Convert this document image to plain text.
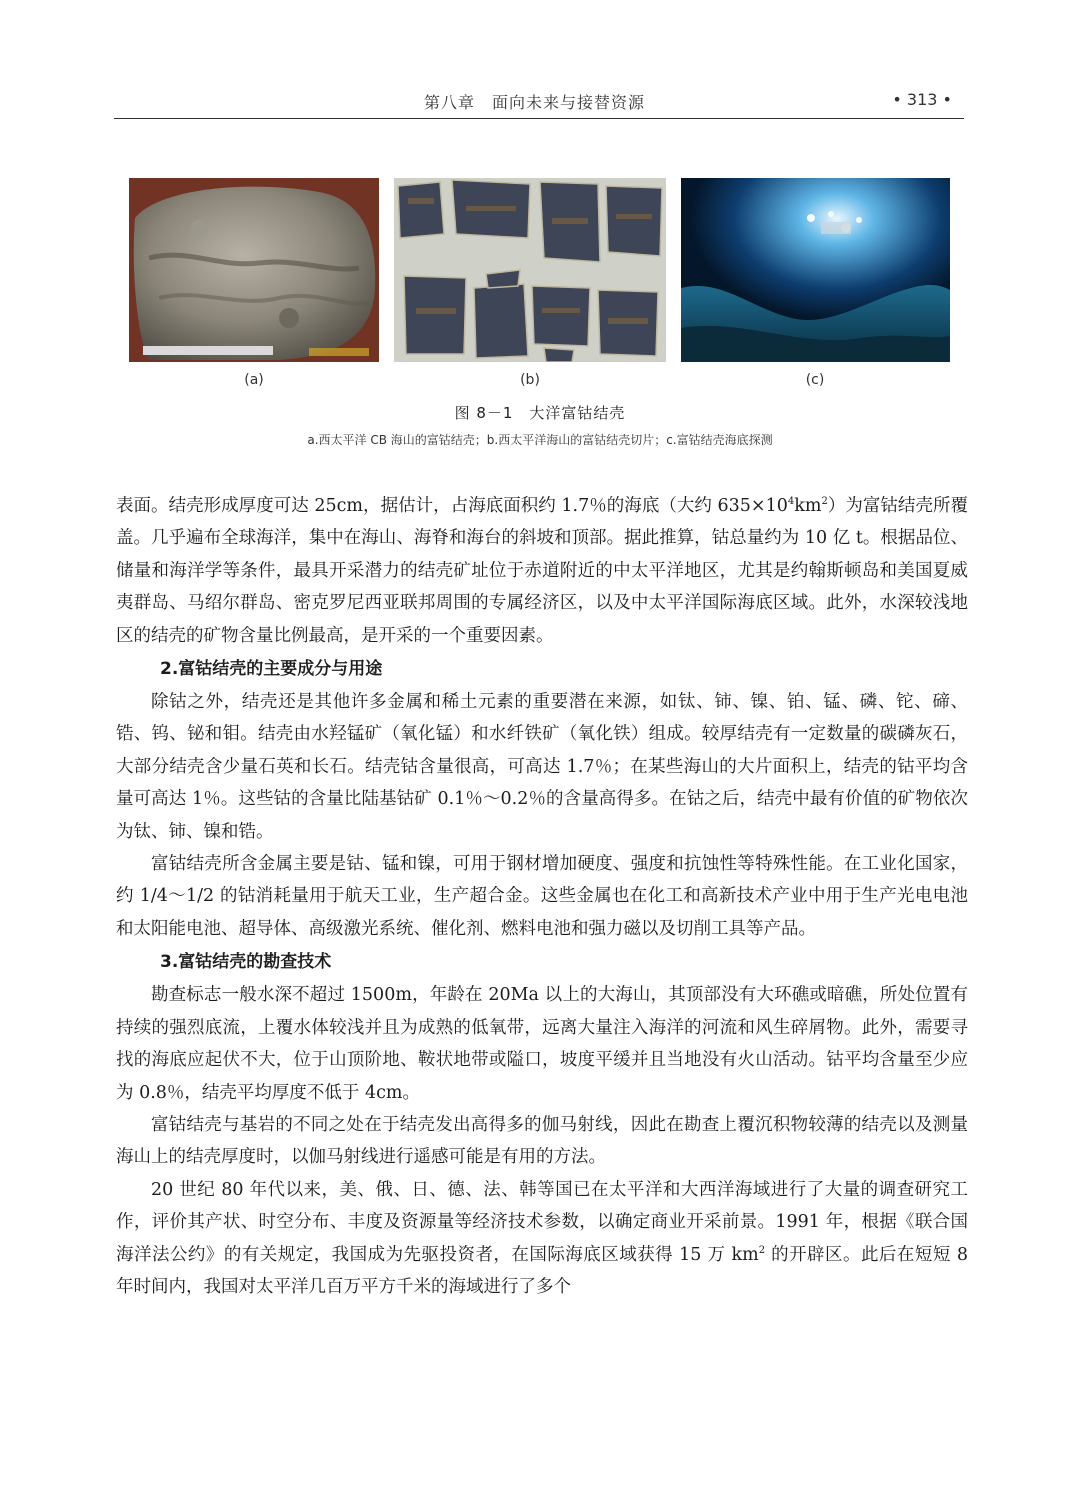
第八章　面向未来与接替资源	• 313 •
(a)	(b)	(c)
图 8－1　大洋富钴结壳
a.西太平洋 CB 海山的富钴结壳；b.西太平洋海山的富钴结壳切片；c.富钴结壳海底探测

表面。结壳形成厚度可达 25cm，据估计，占海底面积约 1.7％的海底（大约 $635\times 10^4km^2$）为富钴结壳所覆盖。几乎遍布全球海洋，集中在海山、海脊和海台的斜坡和顶部。据此推算，钴总量约为 10 亿 t。根据品位、储量和海洋学等条件，最具开采潜力的结壳矿址位于赤道附近的中太平洋地区，尤其是约翰斯顿岛和美国夏威夷群岛、马绍尔群岛、密克罗尼西亚联邦周围的专属经济区，以及中太平洋国际海底区域。此外，水深较浅地区的结壳的矿物含量比例最高，是开采的一个重要因素。

2.富钴结壳的主要成分与用途

除钴之外，结壳还是其他许多金属和稀土元素的重要潜在来源，如钛、铈、镍、铂、锰、磷、铊、碲、锆、钨、铋和钼。结壳由水羟锰矿（氧化锰）和水纤铁矿（氧化铁）组成。较厚结壳有一定数量的碳磷灰石，大部分结壳含少量石英和长石。结壳钴含量很高，可高达 1.7％；在某些海山的大片面积上，结壳的钴平均含量可高达 1％。这些钴的含量比陆基钴矿 0.1％～0.2％的含量高得多。在钴之后，结壳中最有价值的矿物依次为钛、铈、镍和锆。

富钴结壳所含金属主要是钴、锰和镍，可用于钢材增加硬度、强度和抗蚀性等特殊性能。在工业化国家，约 1/4～1/2 的钴消耗量用于航天工业，生产超合金。这些金属也在化工和高新技术产业中用于生产光电电池和太阳能电池、超导体、高级激光系统、催化剂、燃料电池和强力磁以及切削工具等产品。

3.富钴结壳的勘查技术

勘查标志一般水深不超过 1500m，年龄在 20Ma 以上的大海山，其顶部没有大环礁或暗礁，所处位置有持续的强烈底流，上覆水体较浅并且为成熟的低氧带，远离大量注入海洋的河流和风生碎屑物。此外，需要寻找的海底应起伏不大，位于山顶阶地、鞍状地带或隘口，坡度平缓并且当地没有火山活动。钴平均含量至少应为 0.8％，结壳平均厚度不低于 4cm。

富钴结壳与基岩的不同之处在于结壳发出高得多的伽马射线，因此在勘查上覆沉积物较薄的结壳以及测量海山上的结壳厚度时，以伽马射线进行遥感可能是有用的方法。

20 世纪 80 年代以来，美、俄、日、德、法、韩等国已在太平洋和大西洋海域进行了大量的调查研究工作，评价其产状、时空分布、丰度及资源量等经济技术参数，以确定商业开采前景。1991 年，根据《联合国海洋法公约》的有关规定，我国成为先驱投资者，在国际海底区域获得 15 万 $km^2$ 的开辟区。此后在短短 8 年时间内，我国对太平洋几百万平方千米的海域进行了多个
